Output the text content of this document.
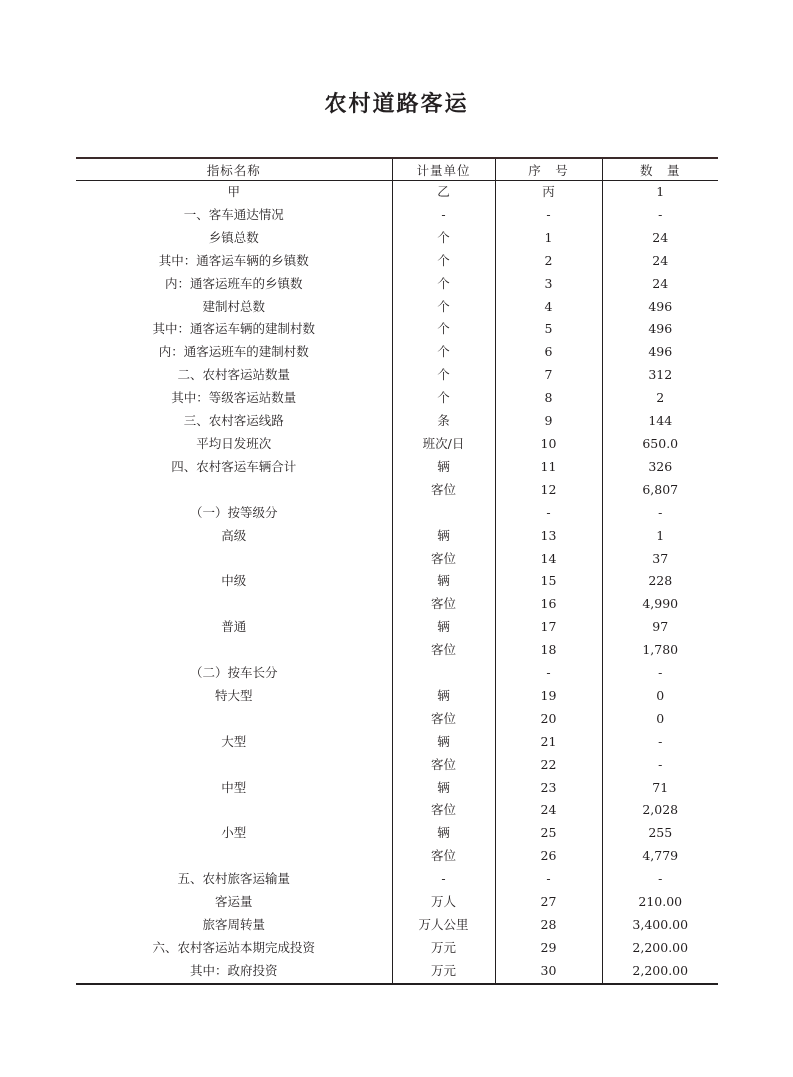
农村道路客运
指标名称	计量单位	序　号	数　量
甲	乙	丙	1
一、客车通达情况	-	-	-
乡镇总数	个	1	24
其中：通客运车辆的乡镇数	个	2	24
内：通客运班车的乡镇数	个	3	24
建制村总数	个	4	496
其中：通客运车辆的建制村数	个	5	496
内：通客运班车的建制村数	个	6	496
二、农村客运站数量	个	7	312
其中：等级客运站数量	个	8	2
三、农村客运线路	条	9	144
平均日发班次	班次/日	10	650.0
四、农村客运车辆合计	辆	11	326
	客位	12	6,807
（一）按等级分		-	-
高级	辆	13	1
	客位	14	37
中级	辆	15	228
	客位	16	4,990
普通	辆	17	97
	客位	18	1,780
（二）按车长分		-	-
特大型	辆	19	0
	客位	20	0
大型	辆	21	-
	客位	22	-
中型	辆	23	71
	客位	24	2,028
小型	辆	25	255
	客位	26	4,779
五、农村旅客运输量	-	-	-
客运量	万人	27	210.00
旅客周转量	万人公里	28	3,400.00
六、农村客运站本期完成投资	万元	29	2,200.00
其中：政府投资	万元	30	2,200.00
